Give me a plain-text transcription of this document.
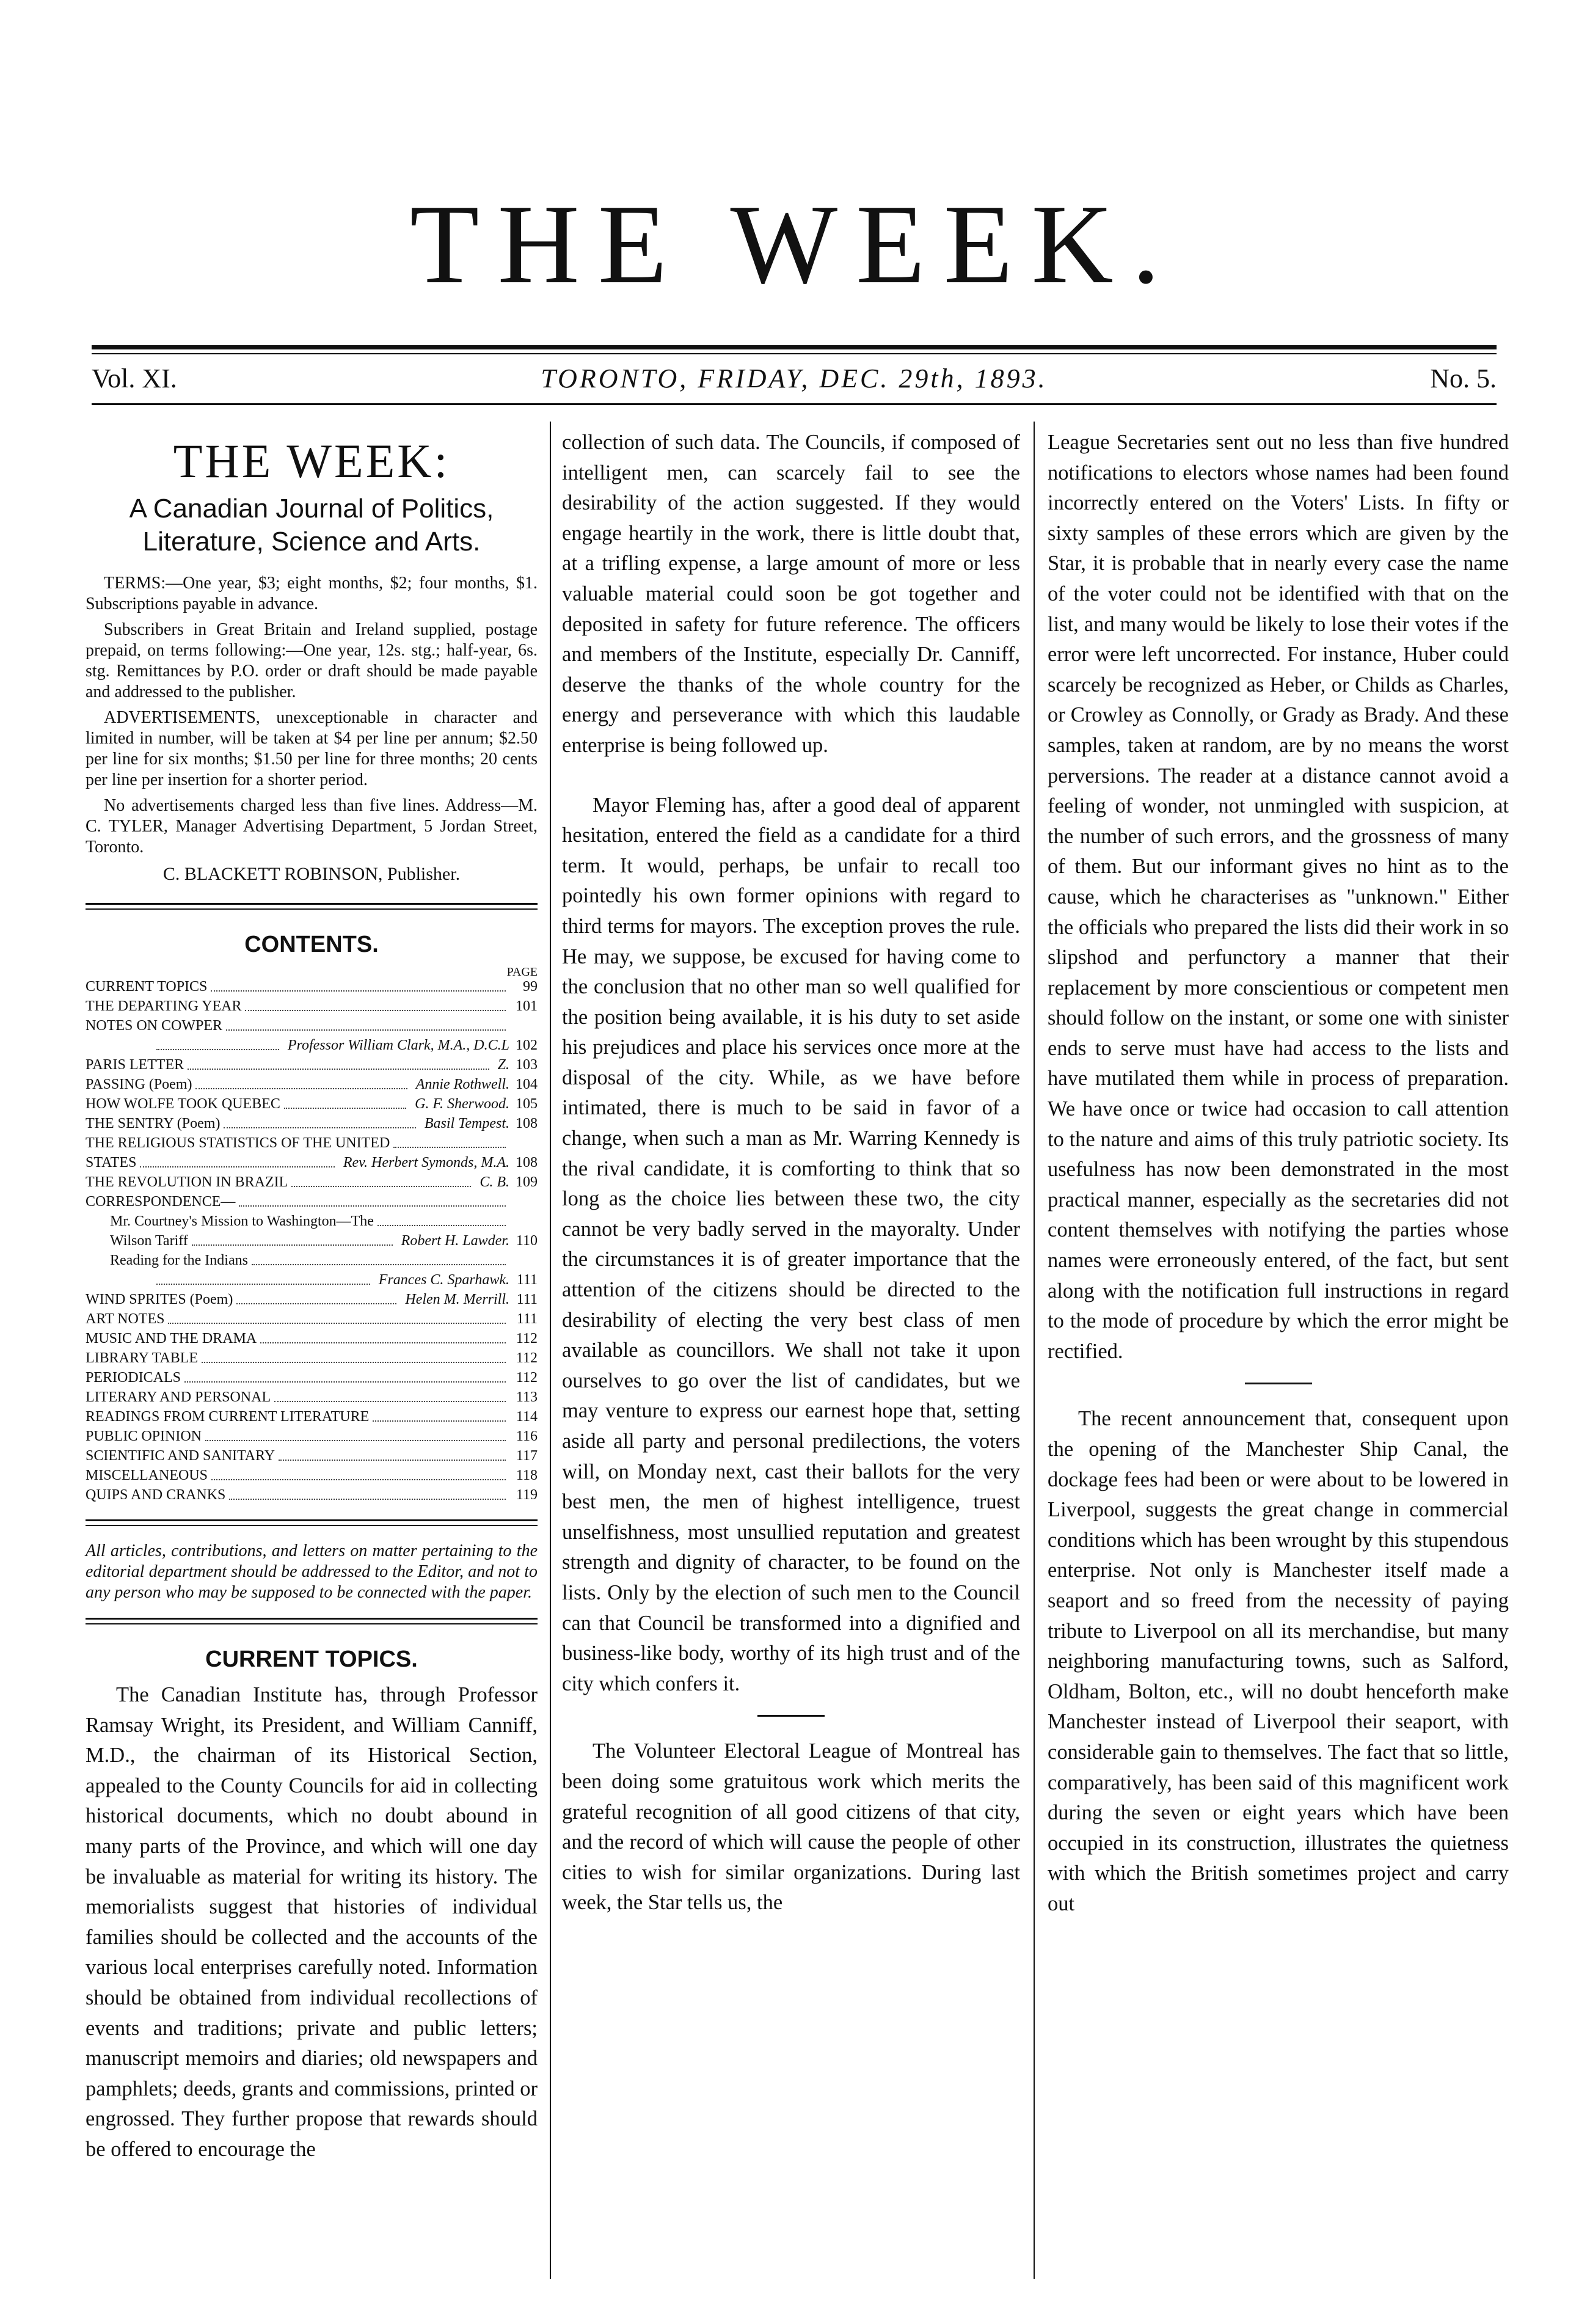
THE WEEK.
Vol. XI.	TORONTO, FRIDAY, DEC. 29th, 1893.	No. 5.
THE WEEK:
A Canadian Journal of Politics,
Literature, Science and Arts.

TERMS:—One year, $3; eight months, $2; four months, $1. Subscriptions payable in advance.

Subscribers in Great Britain and Ireland supplied, postage prepaid, on terms following:—One year, 12s. stg.; half-year, 6s. stg. Remittances by P.O. order or draft should be made payable and addressed to the publisher.

ADVERTISEMENTS, unexceptionable in character and limited in number, will be taken at $4 per line per annum; $2.50 per line for six months; $1.50 per line for three months; 20 cents per line per insertion for a shorter period.

No advertisements charged less than five lines. Address—M. C. TYLER, Manager Advertising Department, 5 Jordan Street, Toronto.

C. BLACKETT ROBINSON, Publisher.
CONTENTS.
PAGE
CURRENT TOPICS	99
THE DEPARTING YEAR	101
NOTES ON COWPER
Professor William Clark, M.A., D.C.L 102
PARIS LETTER	Z. 103
PASSING (Poem)	Annie Rothwell. 104
HOW WOLFE TOOK QUEBEC	G. F. Sherwood. 105
THE SENTRY (Poem)	Basil Tempest. 108
THE RELIGIOUS STATISTICS OF THE UNITED
STATES	Rev. Herbert Symonds, M.A. 108
THE REVOLUTION IN BRAZIL	C. B. 109
CORRESPONDENCE—
Mr. Courtney's Mission to Washington—The
Wilson Tariff	Robert H. Lawder. 110
Reading for the Indians
Frances C. Sparhawk. 111
WIND SPRITES (Poem)	Helen M. Merrill. 111
ART NOTES	111
MUSIC AND THE DRAMA	112
LIBRARY TABLE	112
PERIODICALS	112
LITERARY AND PERSONAL	113
READINGS FROM CURRENT LITERATURE	114
PUBLIC OPINION	116
SCIENTIFIC AND SANITARY	117
MISCELLANEOUS	118
QUIPS AND CRANKS	119

All articles, contributions, and letters on matter pertaining to the editorial department should be addressed to the Editor, and not to any person who may be supposed to be connected with the paper.

CURRENT TOPICS.

The Canadian Institute has, through Professor Ramsay Wright, its President, and William Canniff, M.D., the chairman of its Historical Section, appealed to the County Councils for aid in collecting historical documents, which no doubt abound in many parts of the Province, and which will one day be invaluable as material for writing its history. The memorialists suggest that histories of individual families should be collected and the accounts of the various local enterprises carefully noted. Information should be obtained from individual recollections of events and traditions; private and public letters; manuscript memoirs and diaries; old newspapers and pamphlets; deeds, grants and commissions, printed or engrossed. They further propose that rewards should be offered to encourage the

collection of such data. The Councils, if composed of intelligent men, can scarcely fail to see the desirability of the action suggested. If they would engage heartily in the work, there is little doubt that, at a trifling expense, a large amount of more or less valuable material could soon be got together and deposited in safety for future reference. The officers and members of the Institute, especially Dr. Canniff, deserve the thanks of the whole country for the energy and perseverance with which this laudable enterprise is being followed up.

Mayor Fleming has, after a good deal of apparent hesitation, entered the field as a candidate for a third term. It would, perhaps, be unfair to recall too pointedly his own former opinions with regard to third terms for mayors. The exception proves the rule. He may, we suppose, be excused for having come to the conclusion that no other man so well qualified for the position being available, it is his duty to set aside his prejudices and place his services once more at the disposal of the city. While, as we have before intimated, there is much to be said in favor of a change, when such a man as Mr. Warring Kennedy is the rival candidate, it is comforting to think that so long as the choice lies between these two, the city cannot be very badly served in the mayoralty. Under the circumstances it is of greater importance that the attention of the citizens should be directed to the desirability of electing the very best class of men available as councillors. We shall not take it upon ourselves to go over the list of candidates, but we may venture to express our earnest hope that, setting aside all party and personal predilections, the voters will, on Monday next, cast their ballots for the very best men, the men of highest intelligence, truest unselfishness, most unsullied reputation and greatest strength and dignity of character, to be found on the lists. Only by the election of such men to the Council can that Council be transformed into a dignified and business-like body, worthy of its high trust and of the city which confers it.

The Volunteer Electoral League of Montreal has been doing some gratuitous work which merits the grateful recognition of all good citizens of that city, and the record of which will cause the people of other cities to wish for similar organizations. During last week, the Star tells us, the

League Secretaries sent out no less than five hundred notifications to electors whose names had been found incorrectly entered on the Voters' Lists. In fifty or sixty samples of these errors which are given by the Star, it is probable that in nearly every case the name of the voter could not be identified with that on the list, and many would be likely to lose their votes if the error were left uncorrected. For instance, Huber could scarcely be recognized as Heber, or Childs as Charles, or Crowley as Connolly, or Grady as Brady. And these samples, taken at random, are by no means the worst perversions. The reader at a distance cannot avoid a feeling of wonder, not unmingled with suspicion, at the number of such errors, and the grossness of many of them. But our informant gives no hint as to the cause, which he characterises as "unknown." Either the officials who prepared the lists did their work in so slipshod and perfunctory a manner that their replacement by more conscientious or competent men should follow on the instant, or some one with sinister ends to serve must have had access to the lists and have mutilated them while in process of preparation. We have once or twice had occasion to call attention to the nature and aims of this truly patriotic society. Its usefulness has now been demonstrated in the most practical manner, especially as the secretaries did not content themselves with notifying the parties whose names were erroneously entered, of the fact, but sent along with the notification full instructions in regard to the mode of procedure by which the error might be rectified.

The recent announcement that, consequent upon the opening of the Manchester Ship Canal, the dockage fees had been or were about to be lowered in Liverpool, suggests the great change in commercial conditions which has been wrought by this stupendous enterprise. Not only is Manchester itself made a seaport and so freed from the necessity of paying tribute to Liverpool on all its merchandise, but many neighboring manufacturing towns, such as Salford, Oldham, Bolton, etc., will no doubt henceforth make Manchester instead of Liverpool their seaport, with considerable gain to themselves. The fact that so little, comparatively, has been said of this magnificent work during the seven or eight years which have been occupied in its construction, illustrates the quietness with which the British sometimes project and carry out
